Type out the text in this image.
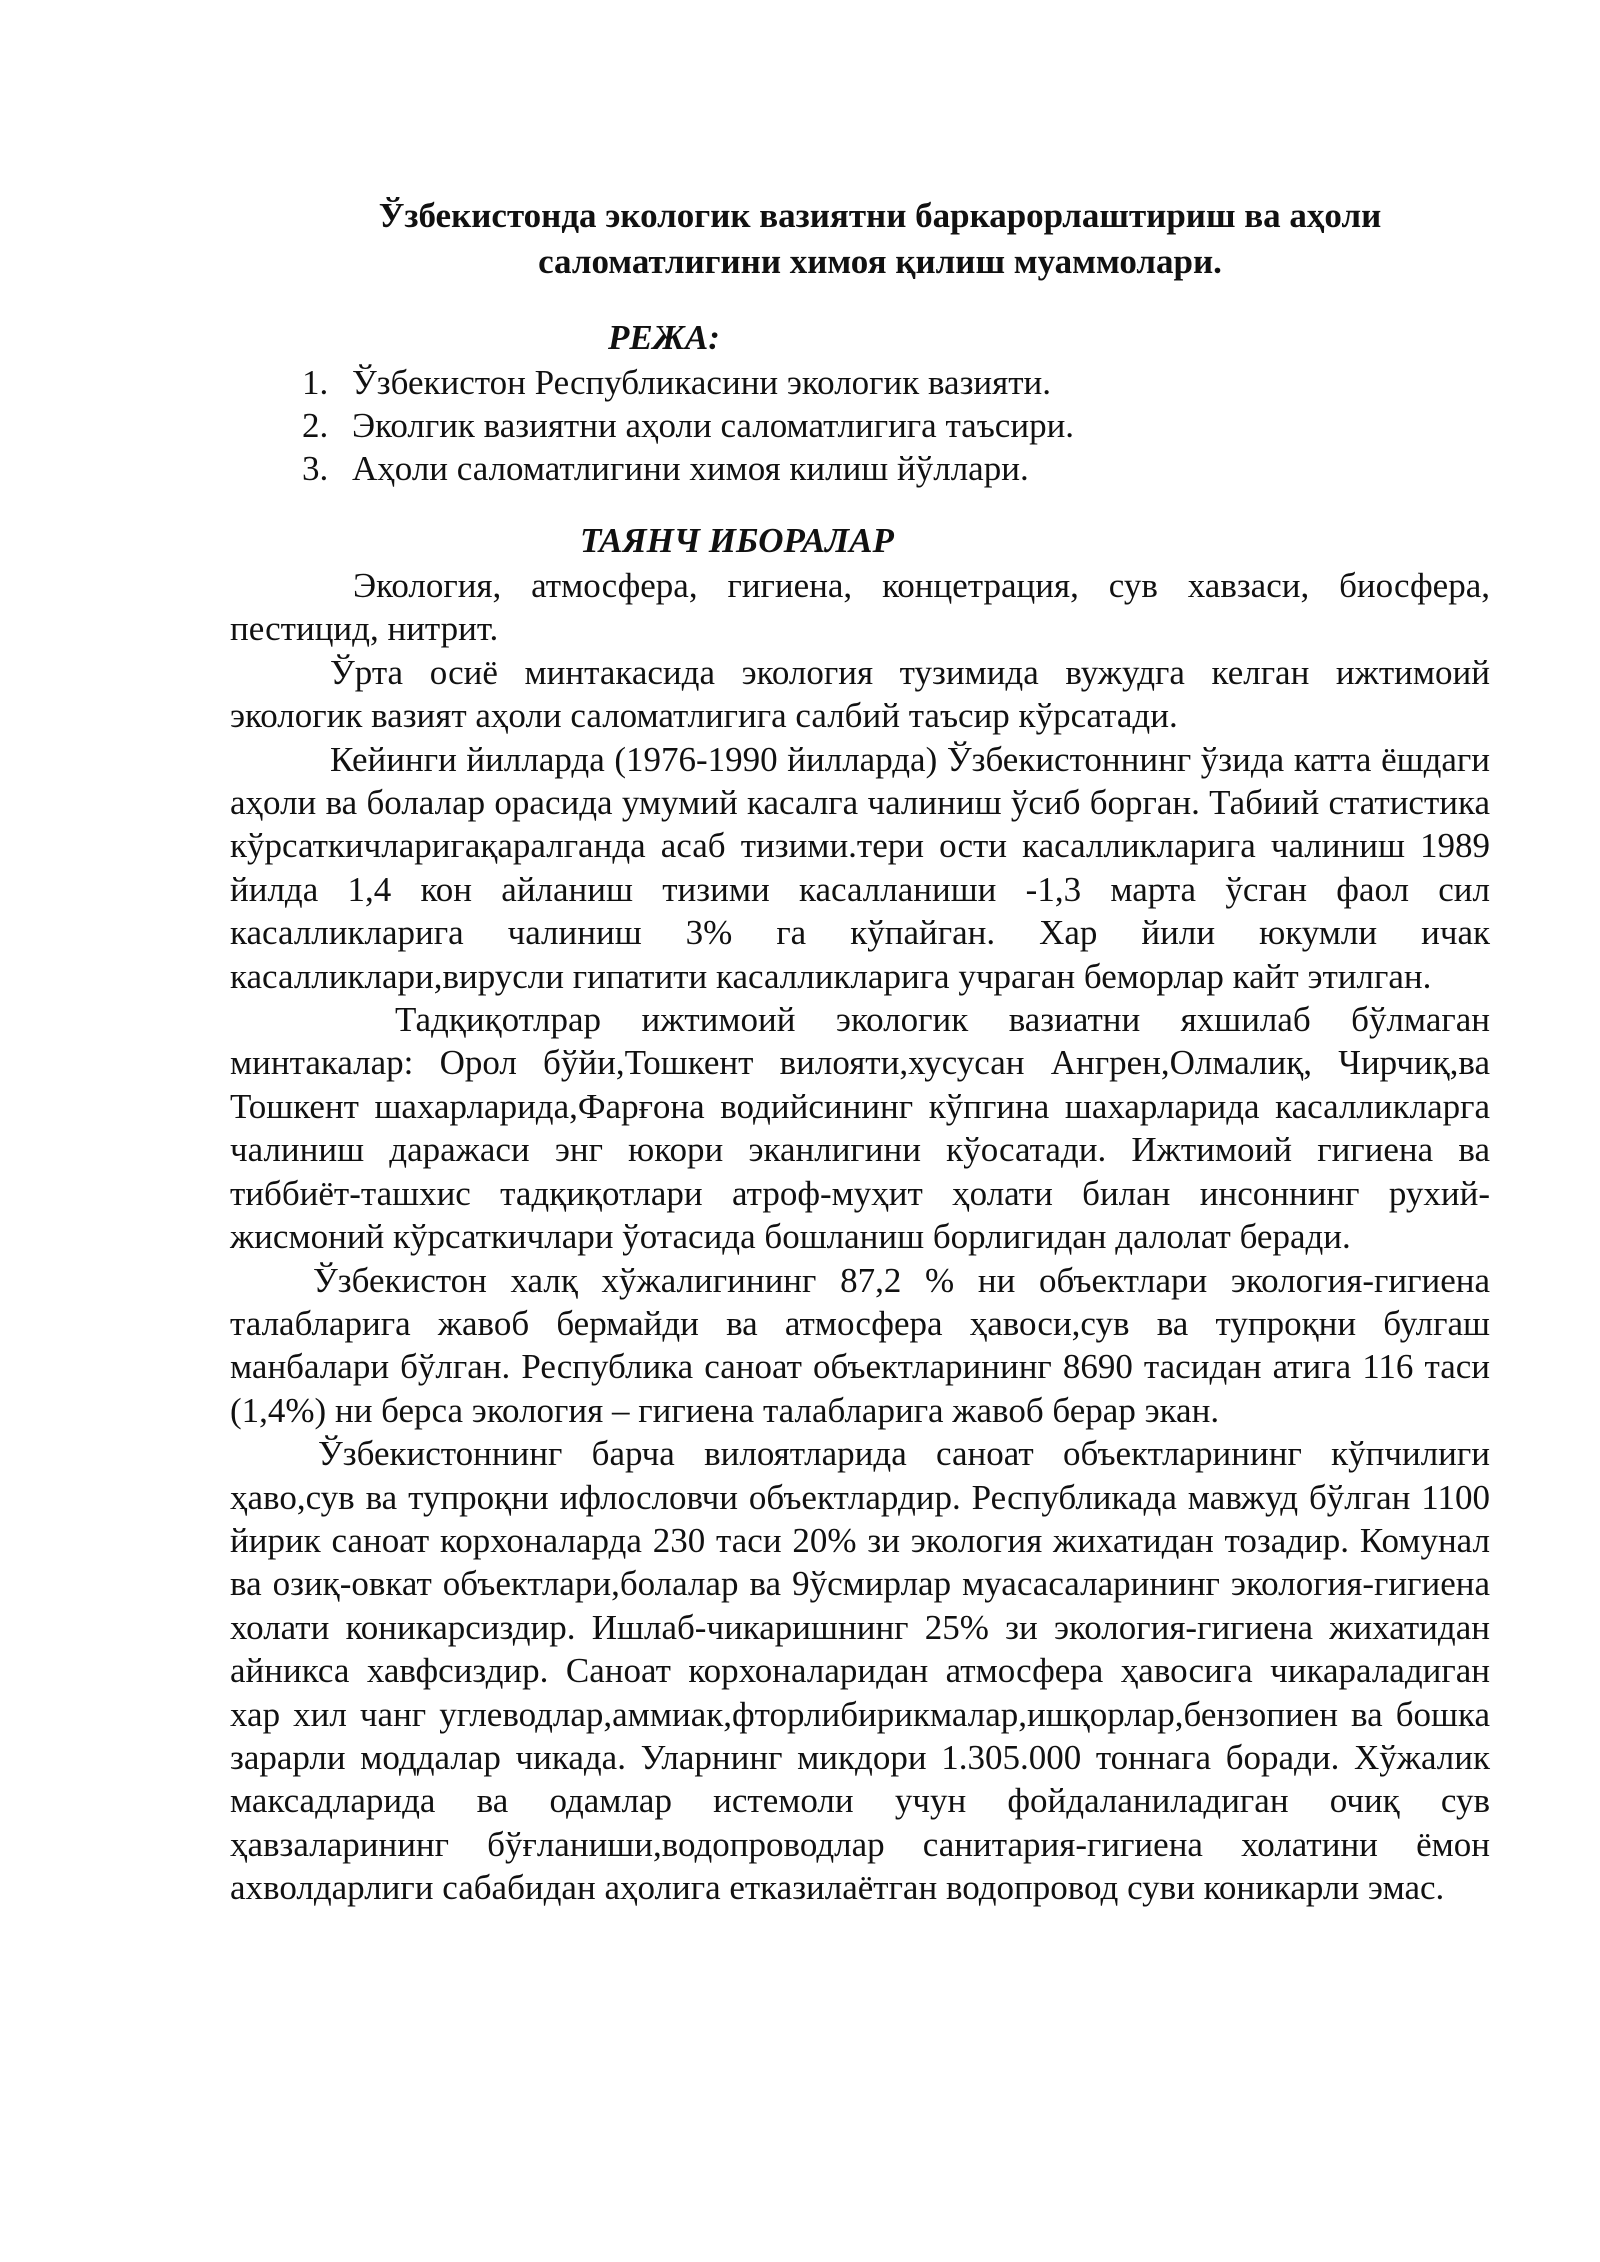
Ўзбекистонда экологик вазиятни баркарорлаштириш ва аҳоли саломатлигини химоя қилиш муаммолари.
РЕЖА:
1. Ўзбекистон Республикасини экологик вазияти.
2. Эколгик вазиятни аҳоли саломатлигига таъсири.
3. Аҳоли саломатлигини химоя килиш йўллари.
ТАЯНЧ ИБОРАЛАР

Экология, атмосфера, гигиена, концетрация, сув хавзаси, биосфера, пестицид, нитрит.

Ўрта осиё минтакасида экология тузимида вужудга келган ижтимоий экологик вазият аҳоли саломатлигига салбий таъсир кўрсатади.

Кейинги йилларда (1976-1990 йилларда) Ўзбекистоннинг ўзида катта ёшдаги аҳоли ва болалар орасида умумий касалга чалиниш ўсиб борган. Табиий статистика кўрсаткичларигақаралганда асаб тизими.тери ости касалликларига чалиниш 1989 йилда 1,4 кон айланиш тизими касалланиши -1,3 марта ўсган фаол сил касалликларига чалиниш 3% га кўпайган. Хар йили юкумли ичак касалликлари,вирусли гипатити касалликларига учраган беморлар кайт этилган.

Тадқиқотлрар ижтимоий экологик вазиатни яхшилаб бўлмаган минтакалар: Орол бўйи,Тошкент вилояти,хусусан Ангрен,Олмалиқ, Чирчиқ,ва Тошкент шахарларида,Фарғона водийсининг кўпгина шахарларида касалликларга чалиниш даражаси энг юкори эканлигини кўосатади. Ижтимоий гигиена ва тиббиёт-ташхис тадқиқотлари атроф-муҳит ҳолати билан инсоннинг рухий-жисмоний кўрсаткичлари ўотасида бошланиш борлигидан далолат беради.

Ўзбекистон халқ хўжалигининг 87,2 % ни объектлари экология-гигиена талабларига жавоб бермайди ва атмосфера ҳавоси,сув ва тупроқни булгаш манбалари бўлган. Республика саноат объектларининг 8690 тасидан атига 116 таси (1,4%) ни берса экология – гигиена талабларига жавоб берар экан.

Ўзбекистоннинг барча вилоятларида саноат объектларининг кўпчилиги ҳаво,сув ва тупроқни ифлословчи объектлардир. Республикада мавжуд бўлган 1100 йирик саноат корхоналарда 230 таси 20% зи экология жихатидан тозадир. Комунал ва озиқ-овкат объектлари,болалар ва 9ўсмирлар муасасаларининг экология-гигиена холати коникарсиздир. Ишлаб-чикаришнинг 25% зи экология-гигиена жихатидан айникса хавфсиздир. Саноат корхоналаридан атмосфера ҳавосига чикараладиган хар хил чанг углеводлар,аммиак,фторлибирикмалар,ишқорлар,бензопиен ва бошка зарарли моддалар чикада. Уларнинг микдори 1.305.000 тоннага боради. Хўжалик максадларида ва одамлар истемоли учун фойдаланиладиган очиқ сув ҳавзаларининг бўғланиши,водопроводлар санитария-гигиена холатини ёмон ахволдарлиги сабабидан аҳолига етказилаётган водопровод суви коникарли эмас.
